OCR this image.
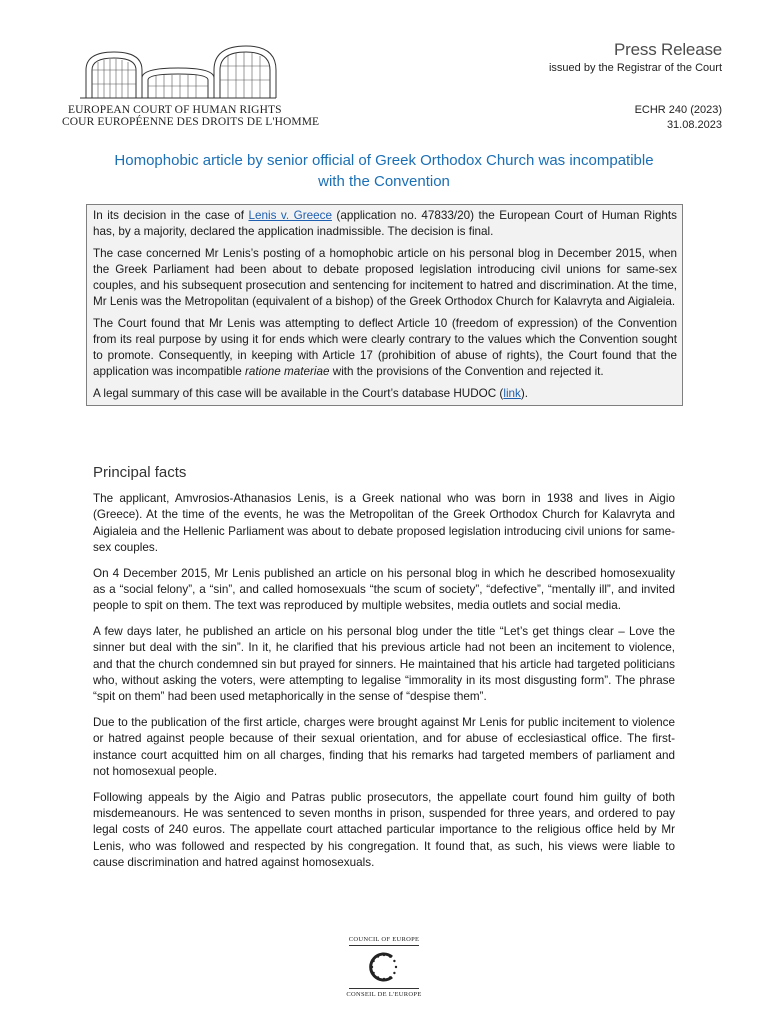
EUROPEAN COURT OF HUMAN RIGHTS
COUR EUROPÉENNE DES DROITS DE L'HOMME
Press Release
issued by the Registrar of the Court
ECHR 240 (2023)
31.08.2023
Homophobic article by senior official of Greek Orthodox Church was incompatible with the Convention

In its decision in the case of Lenis v. Greece (application no. 47833/20) the European Court of Human Rights has, by a majority, declared the application inadmissible. The decision is final.

The case concerned Mr Lenis’s posting of a homophobic article on his personal blog in December 2015, when the Greek Parliament had been about to debate proposed legislation introducing civil unions for same-sex couples, and his subsequent prosecution and sentencing for incitement to hatred and discrimination. At the time, Mr Lenis was the Metropolitan (equivalent of a bishop) of the Greek Orthodox Church for Kalavryta and Aigialeia.

The Court found that Mr Lenis was attempting to deflect Article 10 (freedom of expression) of the Convention from its real purpose by using it for ends which were clearly contrary to the values which the Convention sought to promote. Consequently, in keeping with Article 17 (prohibition of abuse of rights), the Court found that the application was incompatible ratione materiae with the provisions of the Convention and rejected it.

A legal summary of this case will be available in the Court’s database HUDOC (link).

Principal facts

The applicant, Amvrosios-Athanasios Lenis, is a Greek national who was born in 1938 and lives in Aigio (Greece). At the time of the events, he was the Metropolitan of the Greek Orthodox Church for Kalavryta and Aigialeia and the Hellenic Parliament was about to debate proposed legislation introducing civil unions for same-sex couples.

On 4 December 2015, Mr Lenis published an article on his personal blog in which he described homosexuality as a “social felony”, a “sin”, and called homosexuals “the scum of society”, “defective”, “mentally ill”, and invited people to spit on them. The text was reproduced by multiple websites, media outlets and social media.

A few days later, he published an article on his personal blog under the title “Let’s get things clear – Love the sinner but deal with the sin”. In it, he clarified that his previous article had not been an incitement to violence, and that the church condemned sin but prayed for sinners. He maintained that his article had targeted politicians who, without asking the voters, were attempting to legalise “immorality in its most disgusting form”. The phrase “spit on them” had been used metaphorically in the sense of “despise them”.

Due to the publication of the first article, charges were brought against Mr Lenis for public incitement to violence or hatred against people because of their sexual orientation, and for abuse of ecclesiastical office. The first-instance court acquitted him on all charges, finding that his remarks had targeted members of parliament and not homosexual people.

Following appeals by the Aigio and Patras public prosecutors, the appellate court found him guilty of both misdemeanours. He was sentenced to seven months in prison, suspended for three years, and ordered to pay legal costs of 240 euros. The appellate court attached particular importance to the religious office held by Mr Lenis, who was followed and respected by his congregation. It found that, as such, his views were liable to cause discrimination and hatred against homosexuals.

COUNCIL OF EUROPE
CONSEIL DE L'EUROPE
